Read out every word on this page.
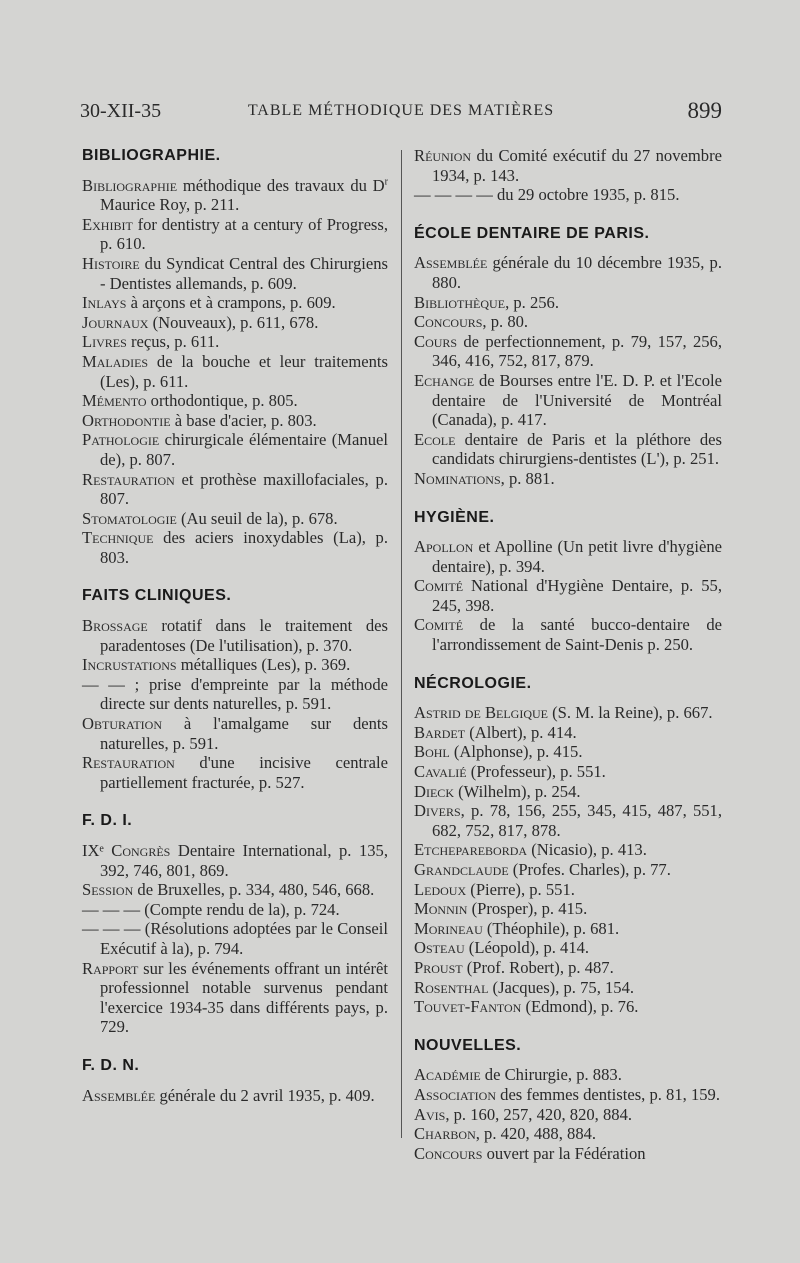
30-XII-35	TABLE MÉTHODIQUE DES MATIÈRES	899
BIBLIOGRAPHIE.
Bibliographie méthodique des travaux du $D^r$ Maurice Roy, p. 211.
Exhibit for dentistry at a century of Progress, p. 610.
Histoire du Syndicat Central des Chirurgiens - Dentistes allemands, p. 609.
Inlays à arçons et à crampons, p. 609.
Journaux (Nouveaux), p. 611, 678.
Livres reçus, p. 611.
Maladies de la bouche et leur traitements (Les), p. 611.
Mémento orthodontique, p. 805.
Orthodontie à base d'acier, p. 803.
Pathologie chirurgicale élémentaire (Manuel de), p. 807.
Restauration et prothèse maxillofaciales, p. 807.
Stomatologie (Au seuil de la), p. 678.
Technique des aciers inoxydables (La), p. 803.
FAITS CLINIQUES.
Brossage rotatif dans le traitement des paradentoses (De l'utilisation), p. 370.
Incrustations métalliques (Les), p. 369.
— — ; prise d'empreinte par la méthode directe sur dents naturelles, p. 591.
Obturation à l'amalgame sur dents naturelles, p. 591.
Restauration d'une incisive centrale partiellement fracturée, p. 527.
F. D. I.
IXᵉ Congrès Dentaire International, p. 135, 392, 746, 801, 869.
Session de Bruxelles, p. 334, 480, 546, 668.
— — — (Compte rendu de la), p. 724.
— — — (Résolutions adoptées par le Conseil Exécutif à la), p. 794.
Rapport sur les événements offrant un intérêt professionnel notable survenus pendant l'exercice 1934-35 dans différents pays, p. 729.
F. D. N.
Assemblée générale du 2 avril 1935, p. 409.
Réunion du Comité exécutif du 27 novembre 1934, p. 143.
— — — — du 29 octobre 1935, p. 815.
ÉCOLE DENTAIRE DE PARIS.
Assemblée générale du 10 décembre 1935, p. 880.
Bibliothèque, p. 256.
Concours, p. 80.
Cours de perfectionnement, p. 79, 157, 256, 346, 416, 752, 817, 879.
Echange de Bourses entre l'E. D. P. et l'Ecole dentaire de l'Université de Montréal (Canada), p. 417.
Ecole dentaire de Paris et la pléthore des candidats chirurgiens-dentistes (L'), p. 251.
Nominations, p. 881.
HYGIÈNE.
Apollon et Apolline (Un petit livre d'hygiène dentaire), p. 394.
Comité National d'Hygiène Dentaire, p. 55, 245, 398.
Comité de la santé bucco-dentaire de l'arrondissement de Saint-Denis p. 250.
NÉCROLOGIE.
Astrid de Belgique (S. M. la Reine), p. 667.
Bardet (Albert), p. 414.
Bohl (Alphonse), p. 415.
Cavalié (Professeur), p. 551.
Dieck (Wilhelm), p. 254.
Divers, p. 78, 156, 255, 345, 415, 487, 551, 682, 752, 817, 878.
Etchepareborda (Nicasio), p. 413.
Grandclaude (Profes. Charles), p. 77.
Ledoux (Pierre), p. 551.
Monnin (Prosper), p. 415.
Morineau (Théophile), p. 681.
Osteau (Léopold), p. 414.
Proust (Prof. Robert), p. 487.
Rosenthal (Jacques), p. 75, 154.
Touvet-Fanton (Edmond), p. 76.
NOUVELLES.
Académie de Chirurgie, p. 883.
Association des femmes dentistes, p. 81, 159.
Avis, p. 160, 257, 420, 820, 884.
Charbon, p. 420, 488, 884.
Concours ouvert par la Fédération
